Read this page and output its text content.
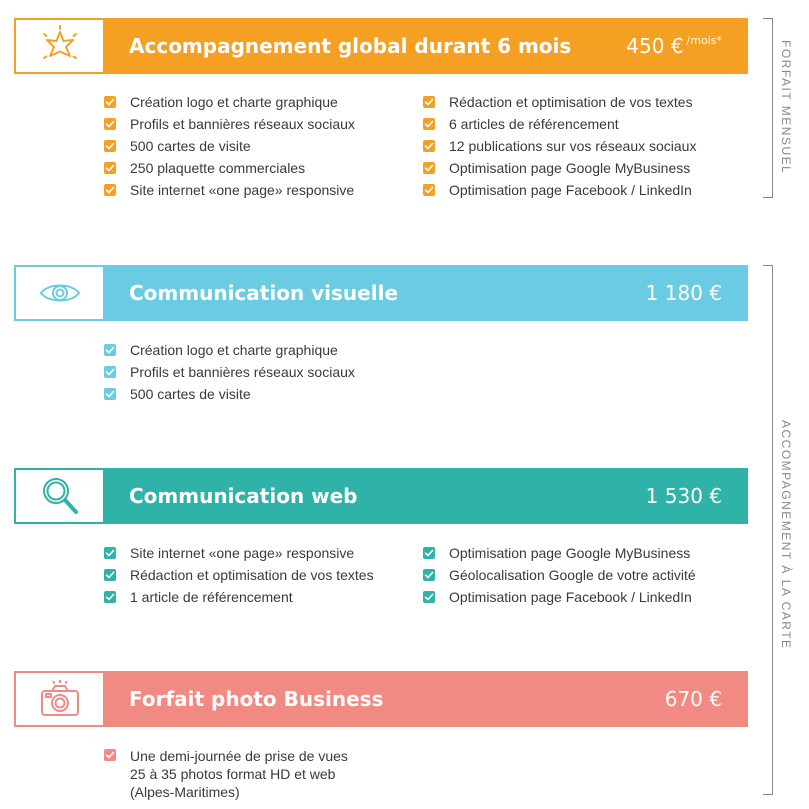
Accompagnement global durant 6 mois	450 € $^{/mois*}$
Création logo et charte graphique
Profils et bannières réseaux sociaux
500 cartes de visite
250 plaquette commerciales
Site internet «one page» responsive
Rédaction et optimisation de vos textes
6 articles de référencement
12 publications sur vos réseaux sociaux
Optimisation page Google MyBusiness
Optimisation page Facebook / LinkedIn
Communication visuelle	1 180 €
Création logo et charte graphique
Profils et bannières réseaux sociaux
500 cartes de visite
Communication web	1 530 €
Site internet «one page» responsive
Rédaction et optimisation de vos textes
1 article de référencement
Optimisation page Google MyBusiness
Géolocalisation Google de votre activité
Optimisation page Facebook / LinkedIn
Forfait photo Business	670 €
Une demi-journée de prise de vues
25 à 35 photos format HD et web
(Alpes-Maritimes)
FORFAIT MENSUEL
ACCOMPAGNEMENT À LA CARTE
